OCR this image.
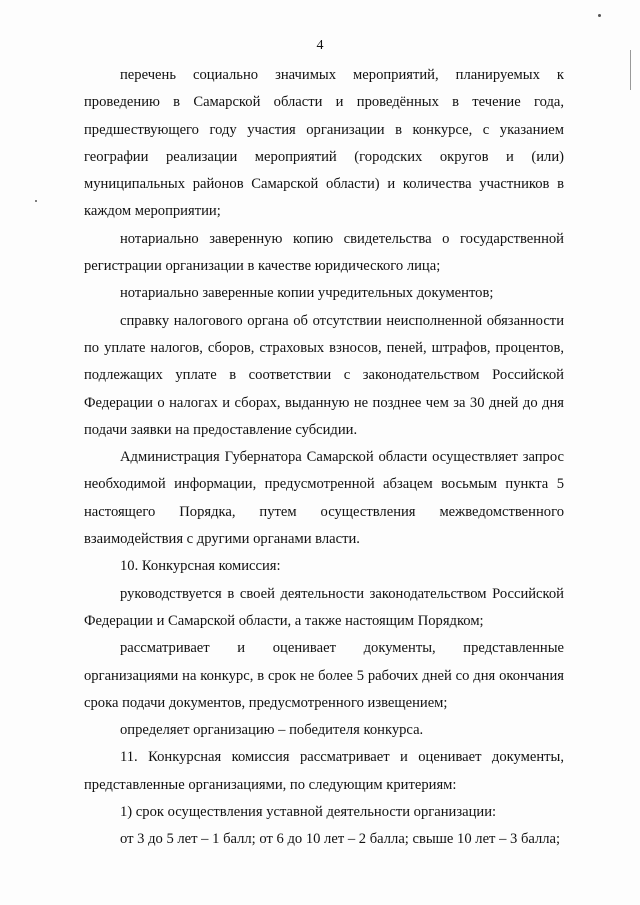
4

перечень социально значимых мероприятий, планируемых к проведению в Самарской области и проведённых в течение года, предшествующего году участия организации в конкурсе, с указанием географии реализации мероприятий (городских округов и (или) муниципальных районов Самарской области) и количества участников в каждом мероприятии;

нотариально заверенную копию свидетельства о государственной регистрации организации в качестве юридического лица;

нотариально заверенные копии учредительных документов;

справку налогового органа об отсутствии неисполненной обязанности по уплате налогов, сборов, страховых взносов, пеней, штрафов, процентов, подлежащих уплате в соответствии с законодательством Российской Федерации о налогах и сборах, выданную не позднее чем за 30 дней до дня подачи заявки на предоставление субсидии.

Администрация Губернатора Самарской области осуществляет запрос необходимой информации, предусмотренной абзацем восьмым пункта 5 настоящего Порядка, путем осуществления межведомственного взаимодействия с другими органами власти.

10. Конкурсная комиссия:

руководствуется в своей деятельности законодательством Российской Федерации и Самарской области, а также настоящим Порядком;

рассматривает и оценивает документы, представленные организациями на конкурс, в срок не более 5 рабочих дней со дня окончания срока подачи документов, предусмотренного извещением;

определяет организацию – победителя конкурса.

11. Конкурсная комиссия рассматривает и оценивает документы, представленные организациями, по следующим критериям:

1) срок осуществления уставной деятельности организации:

от 3 до 5 лет – 1 балл; от 6 до 10 лет – 2 балла; свыше 10 лет – 3 балла;
